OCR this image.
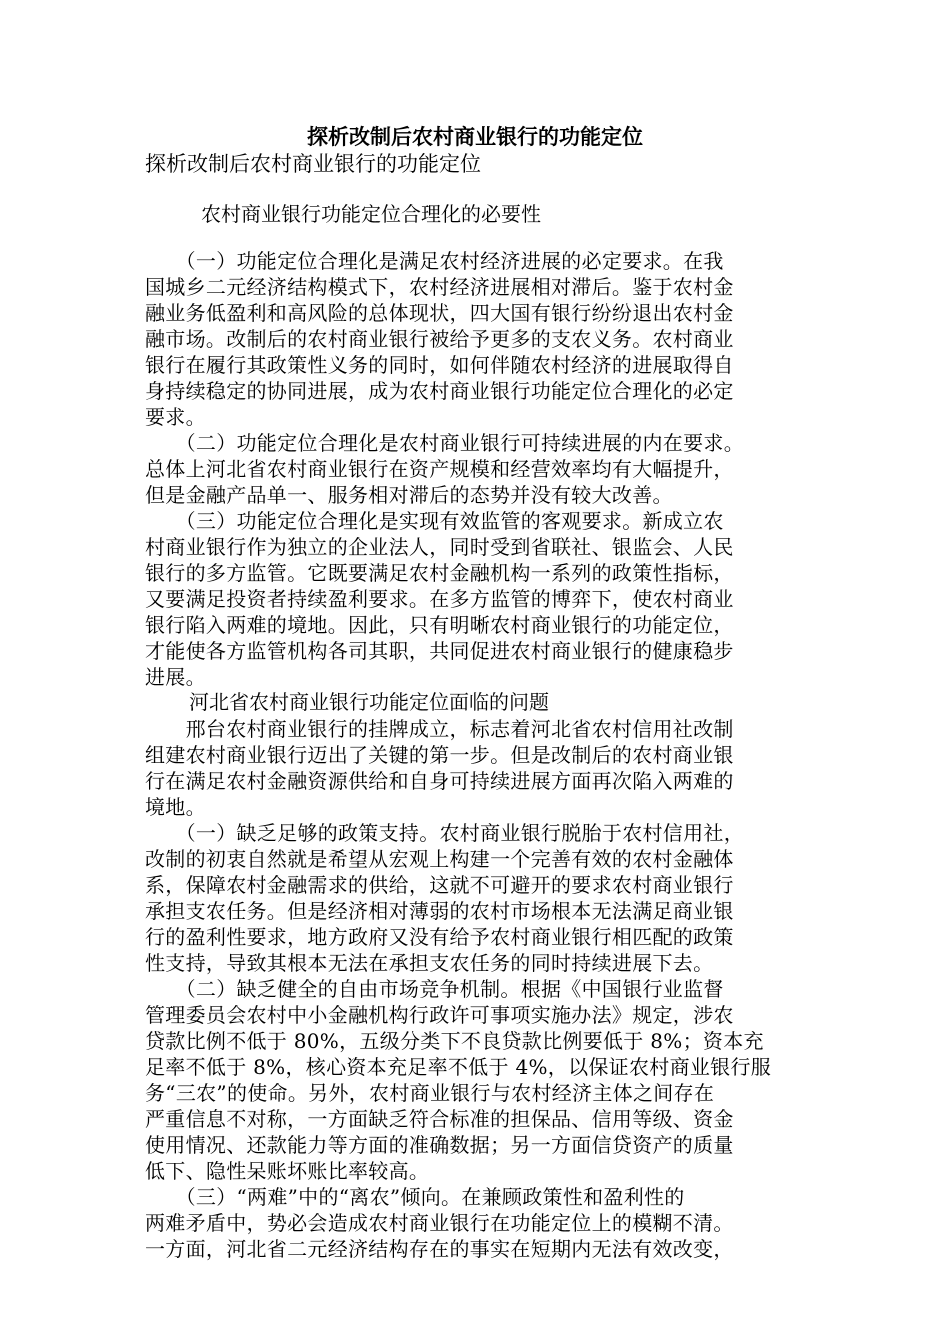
探析改制后农村商业银行的功能定位
探析改制后农村商业银行的功能定位
农村商业银行功能定位合理化的必要性
　　（一）功能定位合理化是满足农村经济进展的必定要求。在我
国城乡二元经济结构模式下，农村经济进展相对滞后。鉴于农村金
融业务低盈利和高风险的总体现状，四大国有银行纷纷退出农村金
融市场。改制后的农村商业银行被给予更多的支农义务。农村商业
银行在履行其政策性义务的同时，如何伴随农村经济的进展取得自
身持续稳定的协同进展，成为农村商业银行功能定位合理化的必定
要求。
　　（二）功能定位合理化是农村商业银行可持续进展的内在要求。
总体上河北省农村商业银行在资产规模和经营效率均有大幅提升，
但是金融产品单一、服务相对滞后的态势并没有较大改善。
　　（三）功能定位合理化是实现有效监管的客观要求。新成立农
村商业银行作为独立的企业法人，同时受到省联社、银监会、人民
银行的多方监管。它既要满足农村金融机构一系列的政策性指标，
又要满足投资者持续盈利要求。在多方监管的博弈下，使农村商业
银行陷入两难的境地。因此，只有明晰农村商业银行的功能定位，
才能使各方监管机构各司其职，共同促进农村商业银行的健康稳步
进展。
河北省农村商业银行功能定位面临的问题
　　邢台农村商业银行的挂牌成立，标志着河北省农村信用社改制
组建农村商业银行迈出了关键的第一步。但是改制后的农村商业银
行在满足农村金融资源供给和自身可持续进展方面再次陷入两难的
境地。
　　（一）缺乏足够的政策支持。农村商业银行脱胎于农村信用社，
改制的初衷自然就是希望从宏观上构建一个完善有效的农村金融体
系，保障农村金融需求的供给，这就不可避开的要求农村商业银行
承担支农任务。但是经济相对薄弱的农村市场根本无法满足商业银
行的盈利性要求，地方政府又没有给予农村商业银行相匹配的政策
性支持，导致其根本无法在承担支农任务的同时持续进展下去。
　　（二）缺乏健全的自由市场竞争机制。根据《中国银行业监督
管理委员会农村中小金融机构行政许可事项实施办法》规定，涉农
贷款比例不低于 80%，五级分类下不良贷款比例要低于 8%；资本充
足率不低于 8%，核心资本充足率不低于 4%，以保证农村商业银行服
务“三农”的使命。另外，农村商业银行与农村经济主体之间存在
严重信息不对称，一方面缺乏符合标准的担保品、信用等级、资金
使用情况、还款能力等方面的准确数据；另一方面信贷资产的质量
低下、隐性呆账坏账比率较高。
　　（三）“两难”中的“离农”倾向。在兼顾政策性和盈利性的
两难矛盾中，势必会造成农村商业银行在功能定位上的模糊不清。
一方面，河北省二元经济结构存在的事实在短期内无法有效改变，
